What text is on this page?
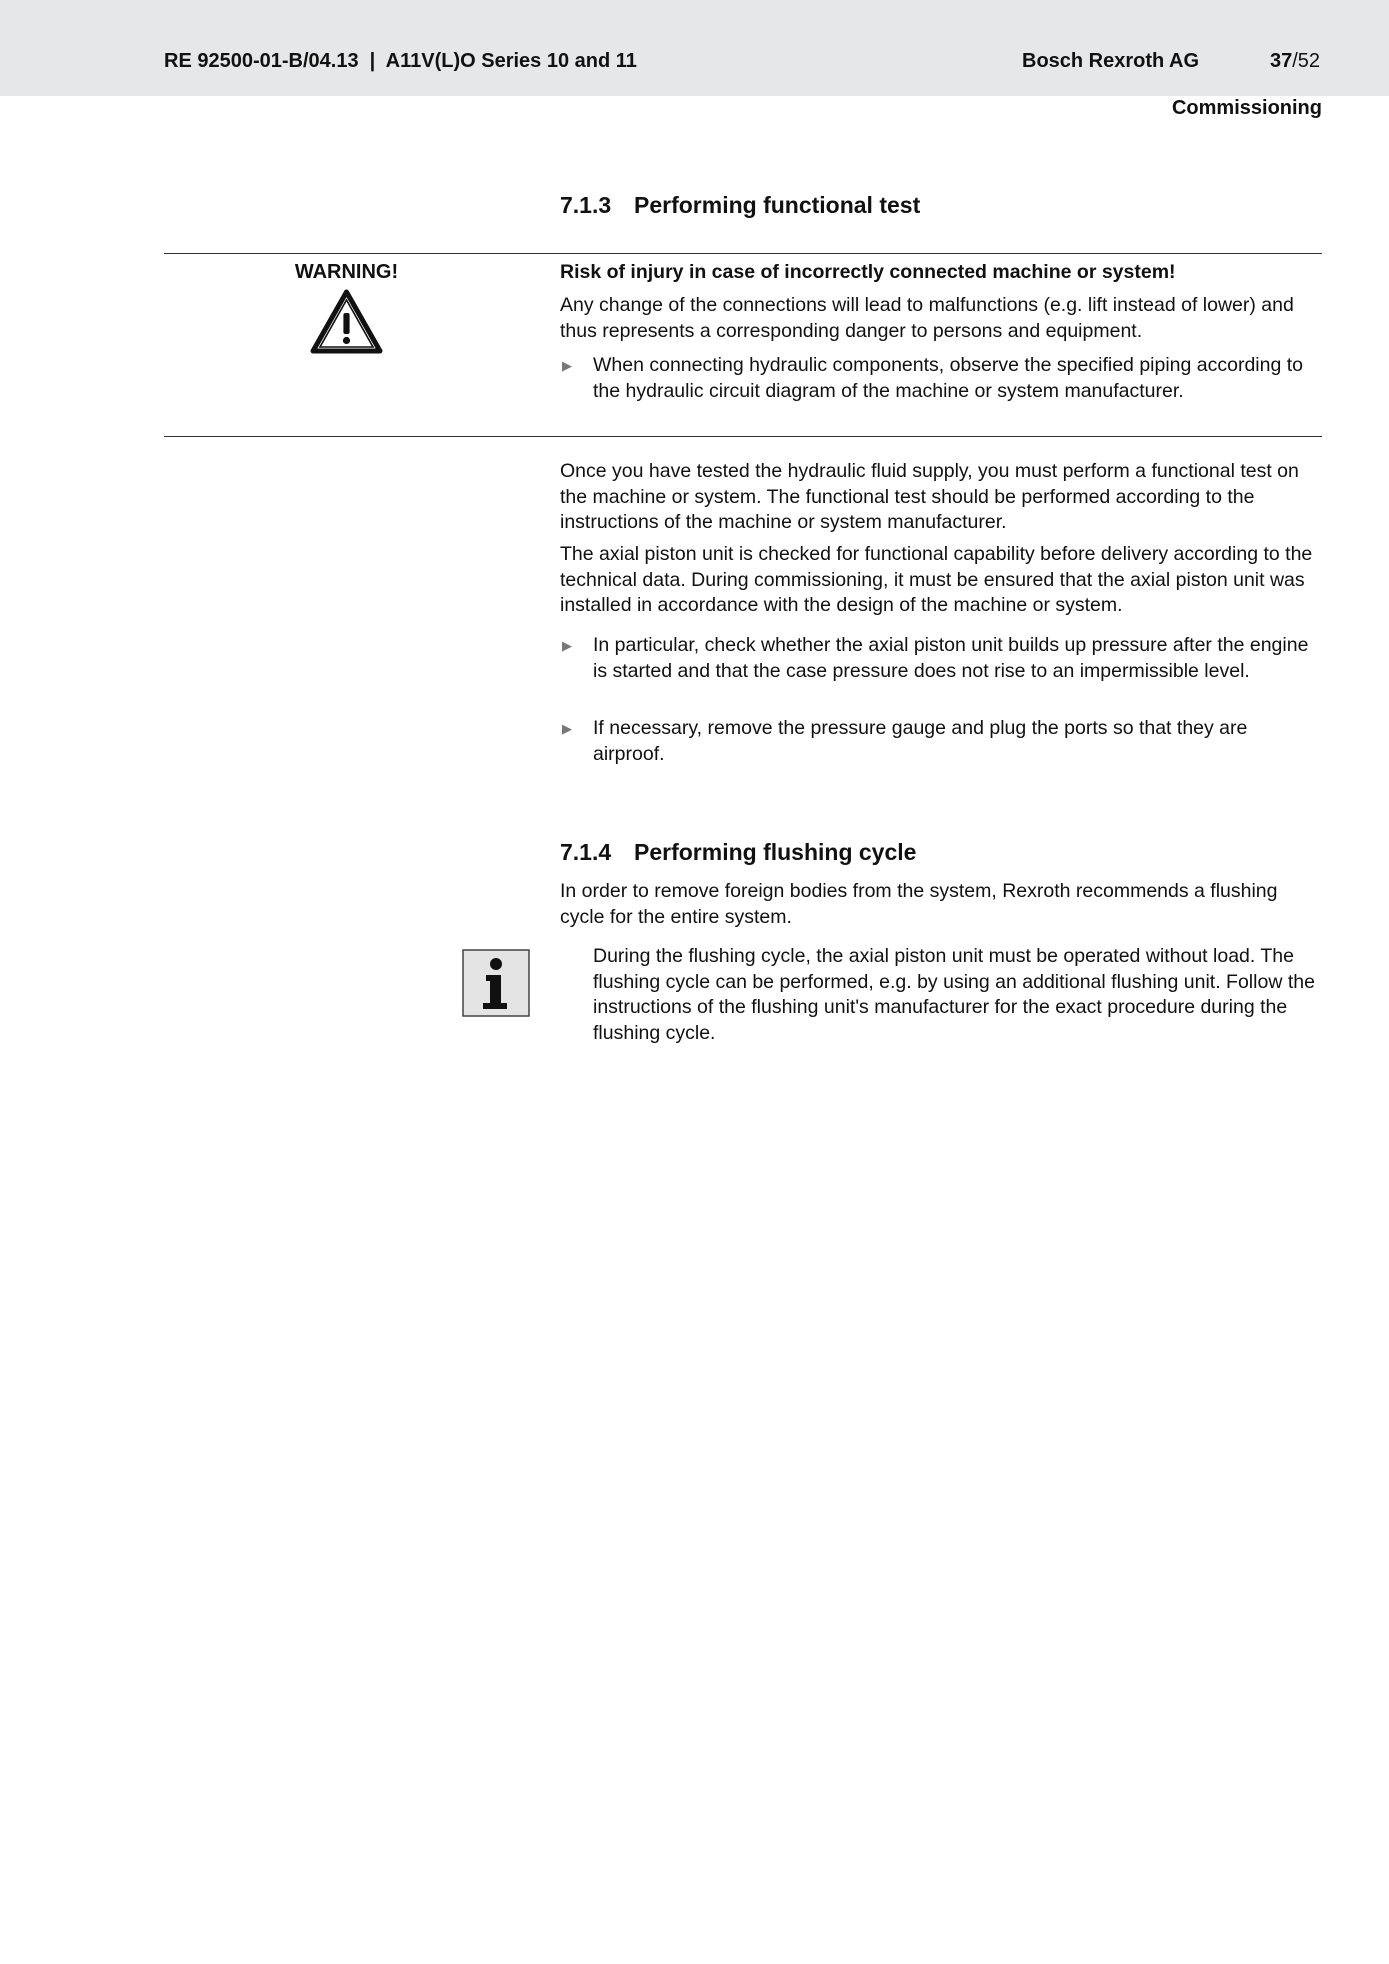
RE 92500-01-B/04.13  |  A11V(L)O Series 10 and 11	Bosch Rexroth AG	37/52
Commissioning
7.1.3 Performing functional test
WARNING!	Risk of injury in case of incorrectly connected machine or system!

Any change of the connections will lead to malfunctions (e.g. lift instead of lower) and thus represents a corresponding danger to persons and equipment.

▶ When connecting hydraulic components, observe the specified piping according to the hydraulic circuit diagram of the machine or system manufacturer.

Once you have tested the hydraulic fluid supply, you must perform a functional test on the machine or system. The functional test should be performed according to the instructions of the machine or system manufacturer.

The axial piston unit is checked for functional capability before delivery according to the technical data. During commissioning, it must be ensured that the axial piston unit was installed in accordance with the design of the machine or system.

▶ In particular, check whether the axial piston unit builds up pressure after the engine is started and that the case pressure does not rise to an impermissible level.
▶ If necessary, remove the pressure gauge and plug the ports so that they are airproof.
7.1.4 Performing flushing cycle

In order to remove foreign bodies from the system, Rexroth recommends a flushing cycle for the entire system.

During the flushing cycle, the axial piston unit must be operated without load. The flushing cycle can be performed, e.g. by using an additional flushing unit. Follow the instructions of the flushing unit's manufacturer for the exact procedure during the flushing cycle.
